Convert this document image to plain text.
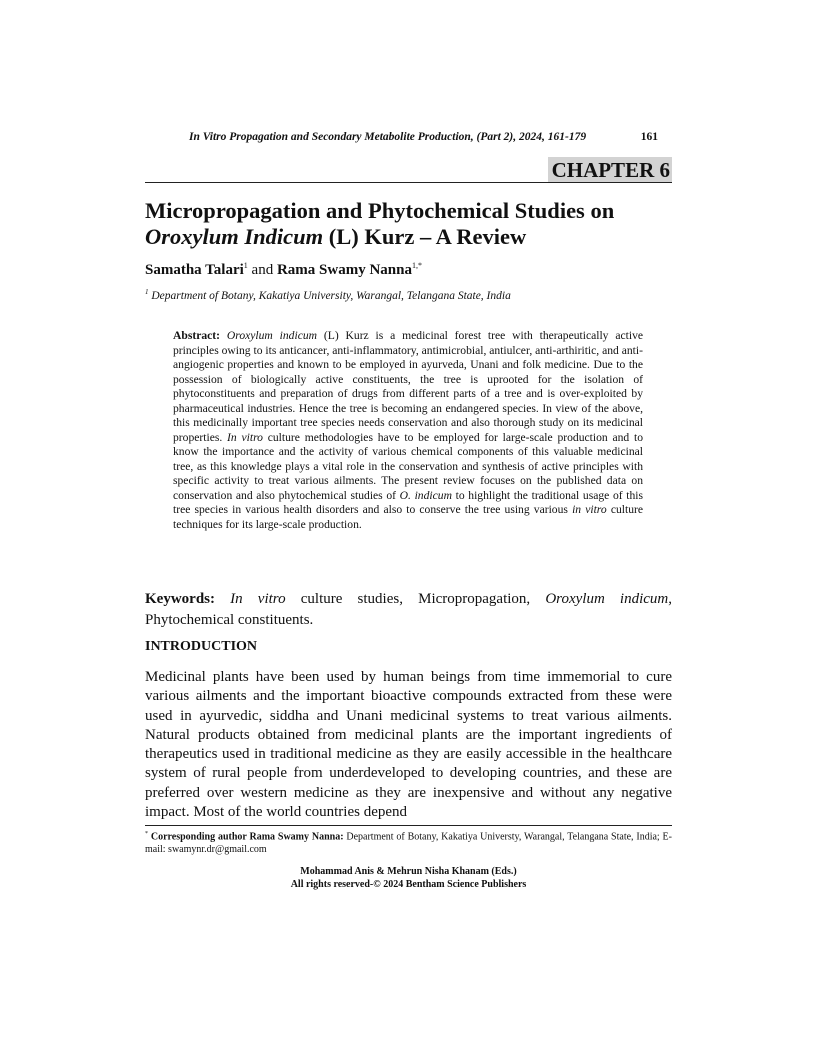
In Vitro Propagation and Secondary Metabolite Production, (Part 2), 2024, 161-179	161
CHAPTER 6
Micropropagation and Phytochemical Studies on
Oroxylum Indicum (L) Kurz – A Review
Samatha Talari$^1$ and Rama Swamy Nanna$^{1,*}$
$^1$ Department of Botany, Kakatiya University, Warangal, Telangana State, India

Abstract: Oroxylum indicum (L) Kurz is a medicinal forest tree with therapeutically active principles owing to its anticancer, anti-inflammatory, antimicrobial, antiulcer, anti-arthiritic, and anti-angiogenic properties and known to be employed in ayurveda, Unani and folk medicine. Due to the possession of biologically active constituents, the tree is uprooted for the isolation of phytoconstituents and preparation of drugs from different parts of a tree and is over-exploited by pharmaceutical industries. Hence the tree is becoming an endangered species. In view of the above, this medicinally important tree species needs conservation and also thorough study on its medicinal properties. In vitro culture methodologies have to be employed for large-scale production and to know the importance and the activity of various chemical components of this valuable medicinal tree, as this knowledge plays a vital role in the conservation and synthesis of active principles with specific activity to treat various ailments. The present review focuses on the published data on conservation and also phytochemical studies of O. indicum to highlight the traditional usage of this tree species in various health disorders and also to conserve the tree using various in vitro culture techniques for its large-scale production.

Keywords: In vitro culture studies, Micropropagation, Oroxylum indicum, Phytochemical constituents.

INTRODUCTION

Medicinal plants have been used by human beings from time immemorial to cure various ailments and the important bioactive compounds extracted from these were used in ayurvedic, siddha and Unani medicinal systems to treat various ailments. Natural products obtained from medicinal plants are the important ingredients of therapeutics used in traditional medicine as they are easily accessible in the healthcare system of rural people from underdeveloped to developing countries, and these are preferred over western medicine as they are inexpensive and without any negative impact. Most of the world countries depend

* Corresponding author Rama Swamy Nanna: Department of Botany, Kakatiya Universty, Warangal, Telangana State, India; E-mail: swamynr.dr@gmail.com

Mohammad Anis & Mehrun Nisha Khanam (Eds.)
All rights reserved-© 2024 Bentham Science Publishers
